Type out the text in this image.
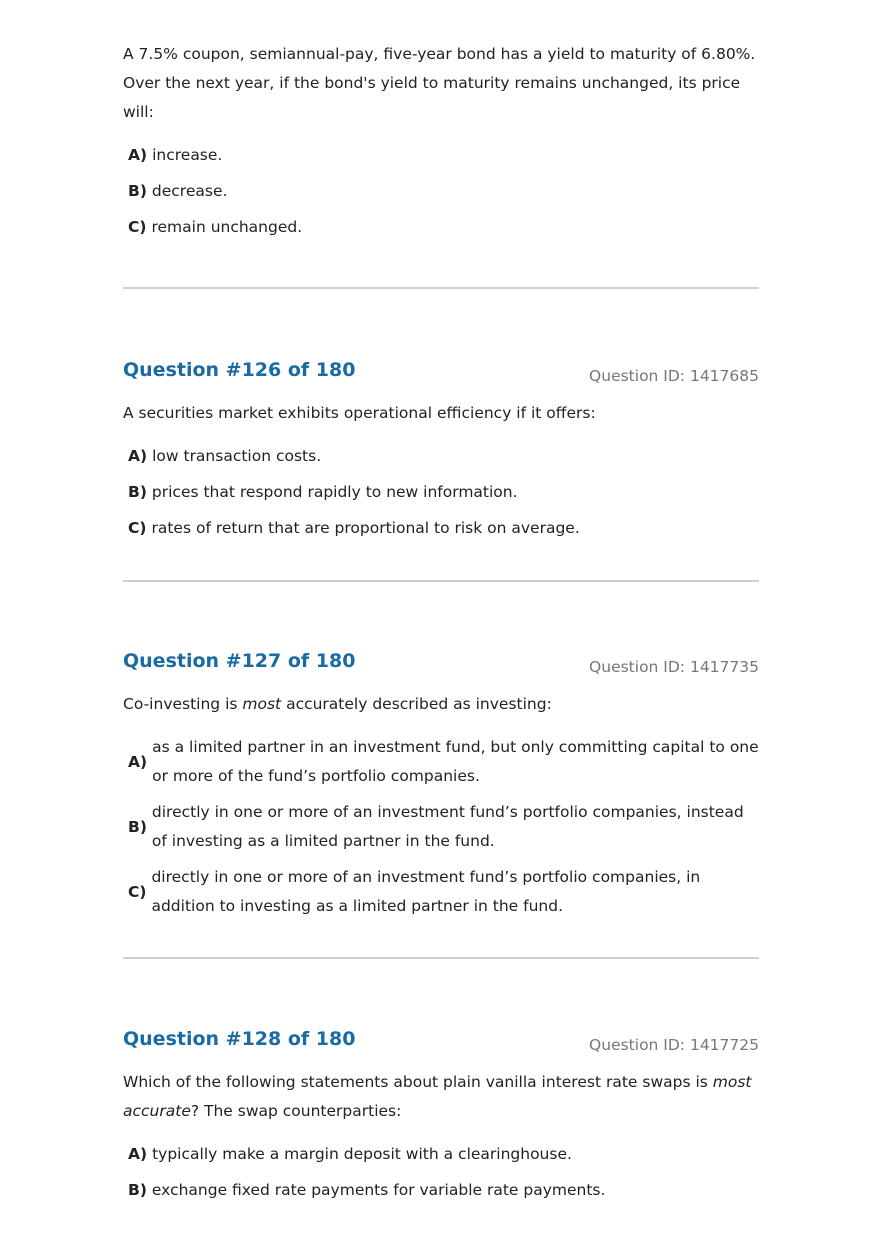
A 7.5% coupon, semiannual-pay, five-year bond has a yield to maturity of 6.80%. Over the next year, if the bond's yield to maturity remains unchanged, its price will:

A) increase.
B) decrease.
C) remain unchanged.
Question #126 of 180	Question ID: 1417685

A securities market exhibits operational efficiency if it offers:

A) low transaction costs.
B) prices that respond rapidly to new information.
C) rates of return that are proportional to risk on average.
Question #127 of 180	Question ID: 1417735

Co-investing is most accurately described as investing:

A)
as a limited partner in an investment fund, but only committing capital to one or more of the fund’s portfolio companies.
B)
directly in one or more of an investment fund’s portfolio companies, instead of investing as a limited partner in the fund.
C)
directly in one or more of an investment fund’s portfolio companies, in addition to investing as a limited partner in the fund.
Question #128 of 180	Question ID: 1417725

Which of the following statements about plain vanilla interest rate swaps is most accurate? The swap counterparties:

A) typically make a margin deposit with a clearinghouse.
B) exchange fixed rate payments for variable rate payments.
